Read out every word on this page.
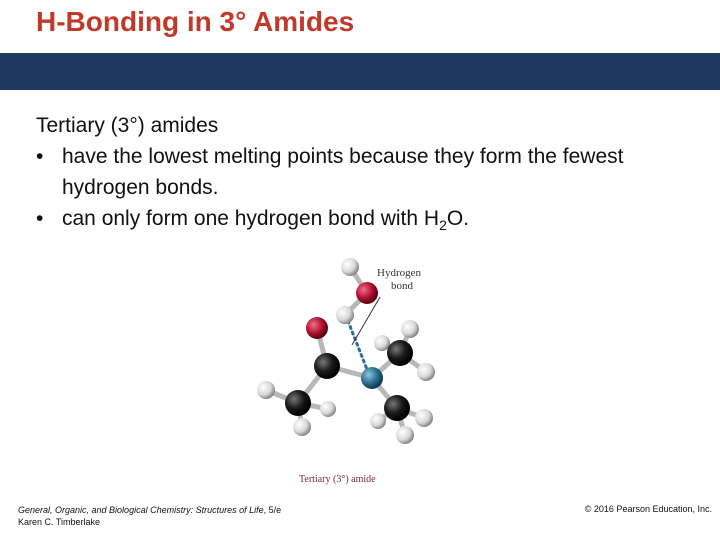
H-Bonding in 3° Amides
Tertiary (3°) amides
• have the lowest melting points because they form the fewest hydrogen bonds.
• can only form one hydrogen bond with $H_2O$.
Hydrogen
bond
Tertiary (3°) amide
General, Organic, and Biological Chemistry: Structures of Life, 5/e
Karen C. Timberlake
© 2016 Pearson Education, Inc.
